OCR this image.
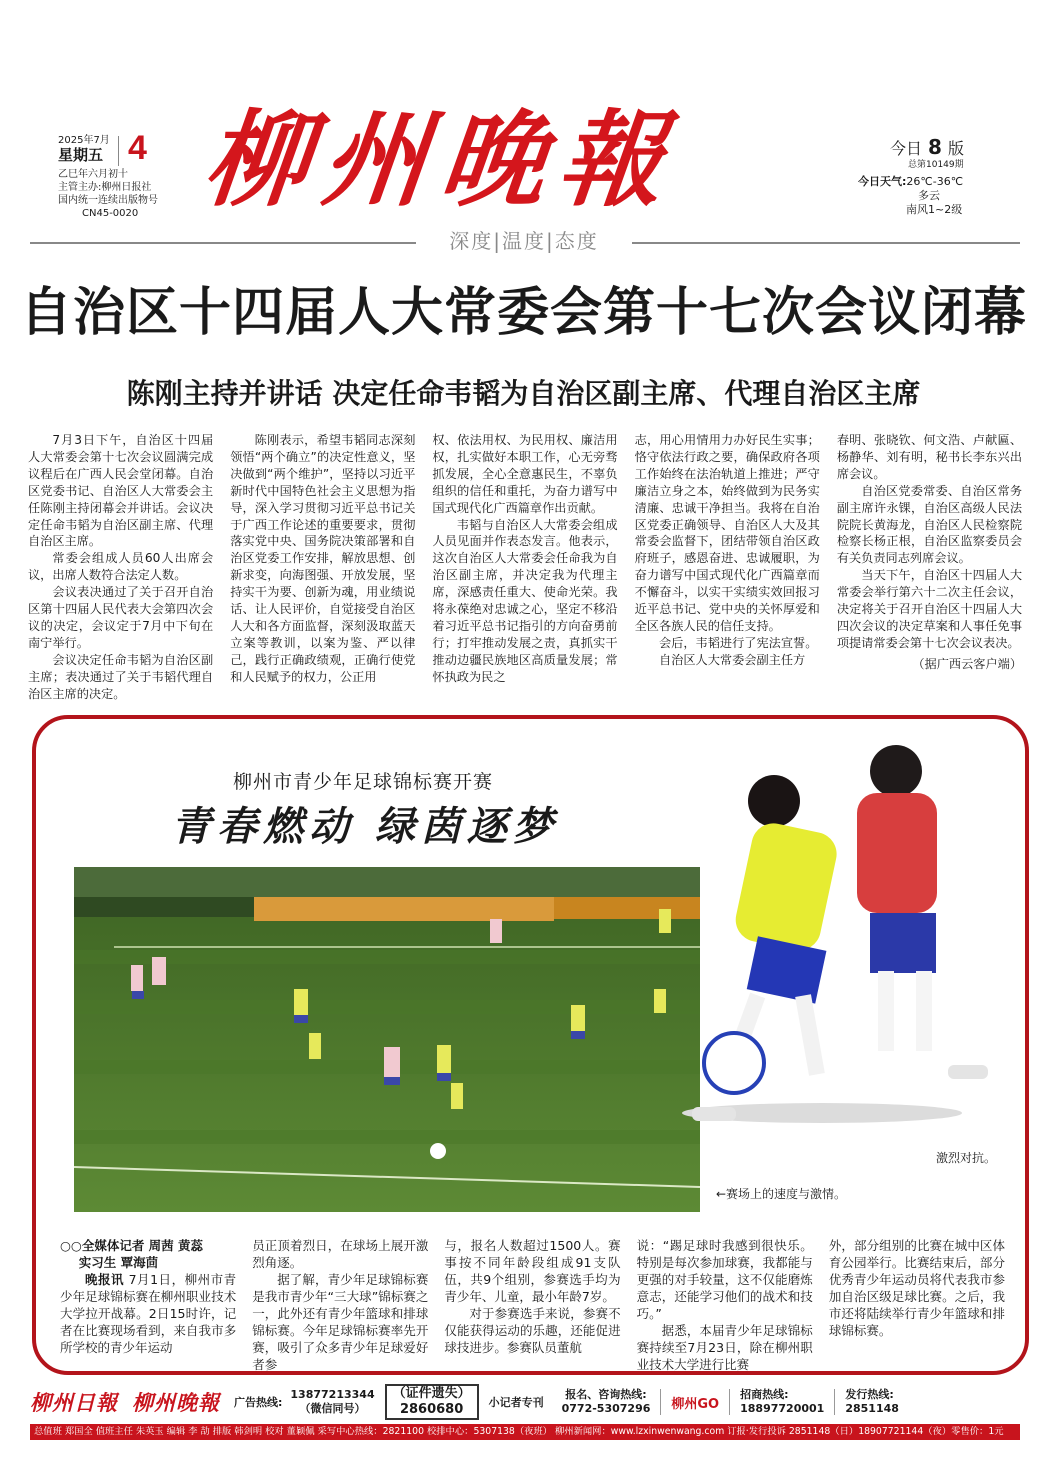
2025年7月
星期五 4
乙巳年六月初十
主管主办:柳州日报社
国内统一连续出版物号
CN45-0020 柳州晚報	今日 8 版
总第10149期
今日天气:26℃-36℃
多云
南风1~2级
深度|温度|态度
自治区十四届人大常委会第十七次会议闭幕
陈刚主持并讲话 决定任命韦韬为自治区副主席、代理自治区主席

7月3日下午，自治区十四届人大常委会第十七次会议圆满完成议程后在广西人民会堂闭幕。自治区党委书记、自治区人大常委会主任陈刚主持闭幕会并讲话。会议决定任命韦韬为自治区副主席、代理自治区主席。

常委会组成人员60人出席会议，出席人数符合法定人数。

会议表决通过了关于召开自治区第十四届人民代表大会第四次会议的决定，会议定于7月中下旬在南宁举行。

会议决定任命韦韬为自治区副主席；表决通过了关于韦韬代理自治区主席的决定。

陈刚表示，希望韦韬同志深刻领悟“两个确立”的决定性意义，坚决做到“两个维护”，坚持以习近平新时代中国特色社会主义思想为指导，深入学习贯彻习近平总书记关于广西工作论述的重要要求，贯彻落实党中央、国务院决策部署和自治区党委工作安排，解放思想、创新求变，向海图强、开放发展，坚持实干为要、创新为魂，用业绩说话、让人民评价，自觉接受自治区人大和各方面监督，深刻汲取蓝天立案等教训，以案为鉴、严以律己，践行正确政绩观，正确行使党和人民赋予的权力，公正用

权、依法用权、为民用权、廉洁用权，扎实做好本职工作，心无旁骛抓发展，全心全意惠民生，不辜负组织的信任和重托，为奋力谱写中国式现代化广西篇章作出贡献。

韦韬与自治区人大常委会组成人员见面并作表态发言。他表示，这次自治区人大常委会任命我为自治区副主席，并决定我为代理主席，深感责任重大、使命光荣。我将永葆绝对忠诚之心，坚定不移沿着习近平总书记指引的方向奋勇前行；打牢推动发展之责，真抓实干推动边疆民族地区高质量发展；常怀执政为民之

志，用心用情用力办好民生实事；恪守依法行政之要，确保政府各项工作始终在法治轨道上推进；严守廉洁立身之本，始终做到为民务实清廉、忠诚干净担当。我将在自治区党委正确领导、自治区人大及其常委会监督下，团结带领自治区政府班子，感恩奋进、忠诚履职，为奋力谱写中国式现代化广西篇章而不懈奋斗，以实干实绩实效回报习近平总书记、党中央的关怀厚爱和全区各族人民的信任支持。

会后，韦韬进行了宪法宣誓。

自治区人大常委会副主任方

春明、张晓钦、何文浩、卢献匾、杨静华、刘有明，秘书长李东兴出席会议。

自治区党委常委、自治区常务副主席许永锞，自治区高级人民法院院长黄海龙，自治区人民检察院检察长杨正根，自治区监察委员会有关负责同志列席会议。

当天下午，自治区十四届人大常委会举行第六十二次主任会议，决定将关于召开自治区十四届人大四次会议的决定草案和人事任免事项提请常委会第十七次会议表决。

（据广西云客户端）
柳州市青少年足球锦标赛开赛
青春燃动 绿茵逐梦
激烈对抗。
←赛场上的速度与激情。

○○全媒体记者 周茜 黄蕊
实习生 覃海茴

晚报讯 7月1日，柳州市青少年足球锦标赛在柳州职业技术大学拉开战幕。2日15时许，记者在比赛现场看到，来自我市多所学校的青少年运动

员正顶着烈日，在球场上展开激烈角逐。

据了解，青少年足球锦标赛是我市青少年“三大球”锦标赛之一，此外还有青少年篮球和排球锦标赛。今年足球锦标赛率先开赛，吸引了众多青少年足球爱好者参

与，报名人数超过1500人。赛事按不同年龄段组成91支队伍，共9个组别，参赛选手均为青少年、儿童，最小年龄7岁。

对于参赛选手来说，参赛不仅能获得运动的乐趣，还能促进球技进步。参赛队员董航

说：“踢足球时我感到很快乐。特别是每次参加球赛，我都能与更强的对手较量，这不仅能磨炼意志，还能学习他们的战术和技巧。”

据悉，本届青少年足球锦标赛持续至7月23日，除在柳州职业技术大学进行比赛

外，部分组别的比赛在城中区体育公园举行。比赛结束后，部分优秀青少年运动员将代表我市参加自治区级足球比赛。之后，我市还将陆续举行青少年篮球和排球锦标赛。

柳州日報 柳州晚報 广告热线:
13877213344
（微信同号）
（证件遗失）
2860680	小记者专刊
报名、咨询热线:
0772-5307296 柳州GO
招商热线:
18897720001
发行热线:
2851148
总值班 郑国全 值班主任 朱英玉 编辑 李 劼 排版 韩剑明 校对 董颖佩 采写中心热线：2821100 校排中心：5307138（夜班） 柳州新闻网：www.lzxinwenwang.com 订报·发行投诉 2851148（日）18907721144（夜）零售价：1元
